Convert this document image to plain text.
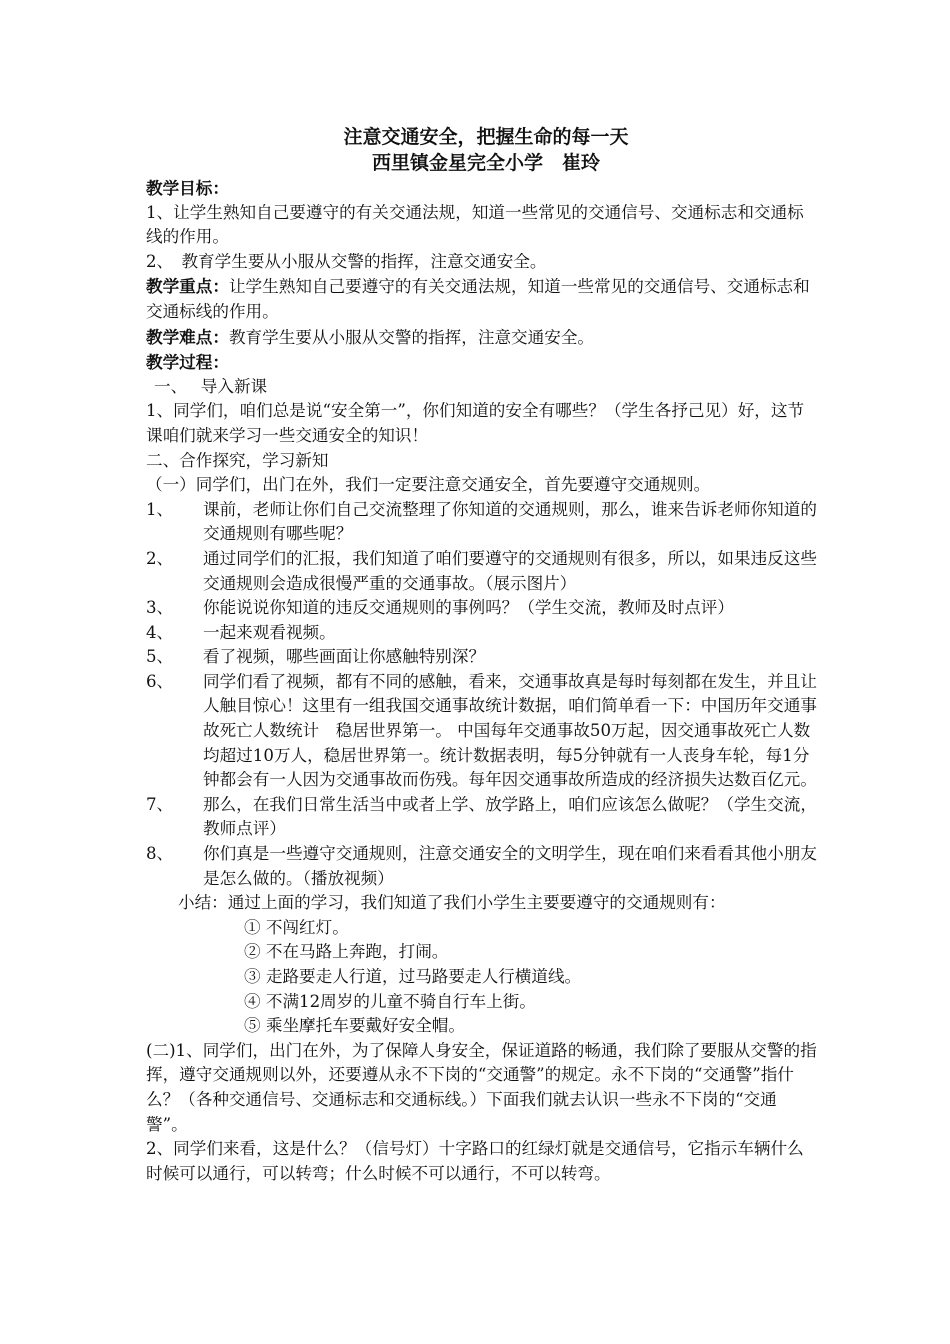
注意交通安全，把握生命的每一天
西里镇金星完全小学　崔玲

教学目标：

1、让学生熟知自己要遵守的有关交通法规，知道一些常见的交通信号、交通标志和交通标线的作用。

2、　教育学生要从小服从交警的指挥，注意交通安全。

教学重点：让学生熟知自己要遵守的有关交通法规，知道一些常见的交通信号、交通标志和交通标线的作用。

教学难点：教育学生要从小服从交警的指挥，注意交通安全。

教学过程：

一、　 导入新课

1、同学们，咱们总是说“安全第一”，你们知道的安全有哪些？（学生各抒己见）好，这节课咱们就来学习一些交通安全的知识！

二、合作探究，学习新知

（一）同学们，出门在外，我们一定要注意交通安全，首先要遵守交通规则。

1、	课前，老师让你们自己交流整理了你知道的交通规则，那么，谁来告诉老师你知道的交通规则有哪些呢？
2、	通过同学们的汇报，我们知道了咱们要遵守的交通规则有很多，所以，如果违反这些交通规则会造成很慢严重的交通事故。（展示图片）
3、	你能说说你知道的违反交通规则的事例吗？（学生交流，教师及时点评）
4、	一起来观看视频。
5、	看了视频，哪些画面让你感触特别深？
6、	同学们看了视频，都有不同的感触，看来，交通事故真是每时每刻都在发生，并且让人触目惊心！这里有一组我国交通事故统计数据，咱们简单看一下：中国历年交通事故死亡人数统计　稳居世界第一。 中国每年交通事故50万起，因交通事故死亡人数均超过10万人，稳居世界第一。统计数据表明，每5分钟就有一人丧身车轮，每1分钟都会有一人因为交通事故而伤残。每年因交通事故所造成的经济损失达数百亿元。
7、	那么，在我们日常生活当中或者上学、放学路上，咱们应该怎么做呢？（学生交流，教师点评）
8、	你们真是一些遵守交通规则，注意交通安全的文明学生，现在咱们来看看其他小朋友是怎么做的。（播放视频）

小结：通过上面的学习，我们知道了我们小学生主要要遵守的交通规则有：

① 不闯红灯。

② 不在马路上奔跑，打闹。

③ 走路要走人行道，过马路要走人行横道线。

④ 不满12周岁的儿童不骑自行车上街。

⑤ 乘坐摩托车要戴好安全帽。

(二)1、同学们，出门在外，为了保障人身安全，保证道路的畅通，我们除了要服从交警的指挥，遵守交通规则以外，还要遵从永不下岗的“交通警”的规定。永不下岗的“交通警”指什么？（各种交通信号、交通标志和交通标线。）下面我们就去认识一些永不下岗的“交通警”。

2、同学们来看，这是什么？（信号灯）十字路口的红绿灯就是交通信号，它指示车辆什么时候可以通行，可以转弯；什么时候不可以通行，不可以转弯。
